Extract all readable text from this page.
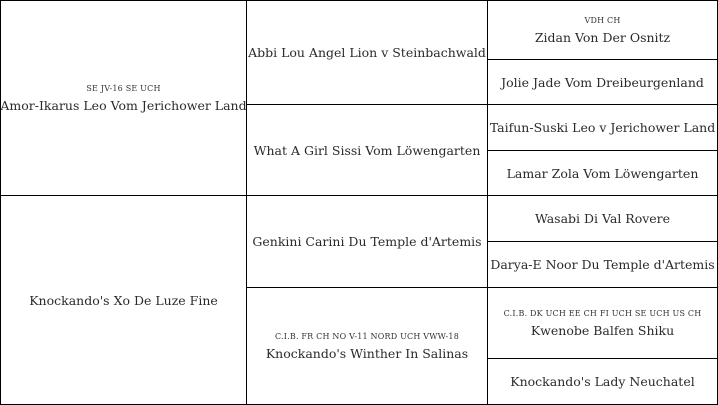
SE JV-16 SE UCH
Amor-Ikarus Leo Vom Jerichower Land
Knockando's Xo De Luze Fine
Abbi Lou Angel Lion v Steinbachwald
What A Girl Sissi Vom Löwengarten
Genkini Carini Du Temple d'Artemis
C.I.B. FR CH NO V-11 NORD UCH VWW-18
Knockando's Winther In Salinas
VDH CH
Zidan Von Der Osnitz
Jolie Jade Vom Dreibeurgenland
Taifun-Suski Leo v Jerichower Land
Lamar Zola Vom Löwengarten
Wasabi Di Val Rovere
Darya-E Noor Du Temple d'Artemis
C.I.B. DK UCH EE CH FI UCH SE UCH US CH
Kwenobe Balfen Shiku
Knockando's Lady Neuchatel
